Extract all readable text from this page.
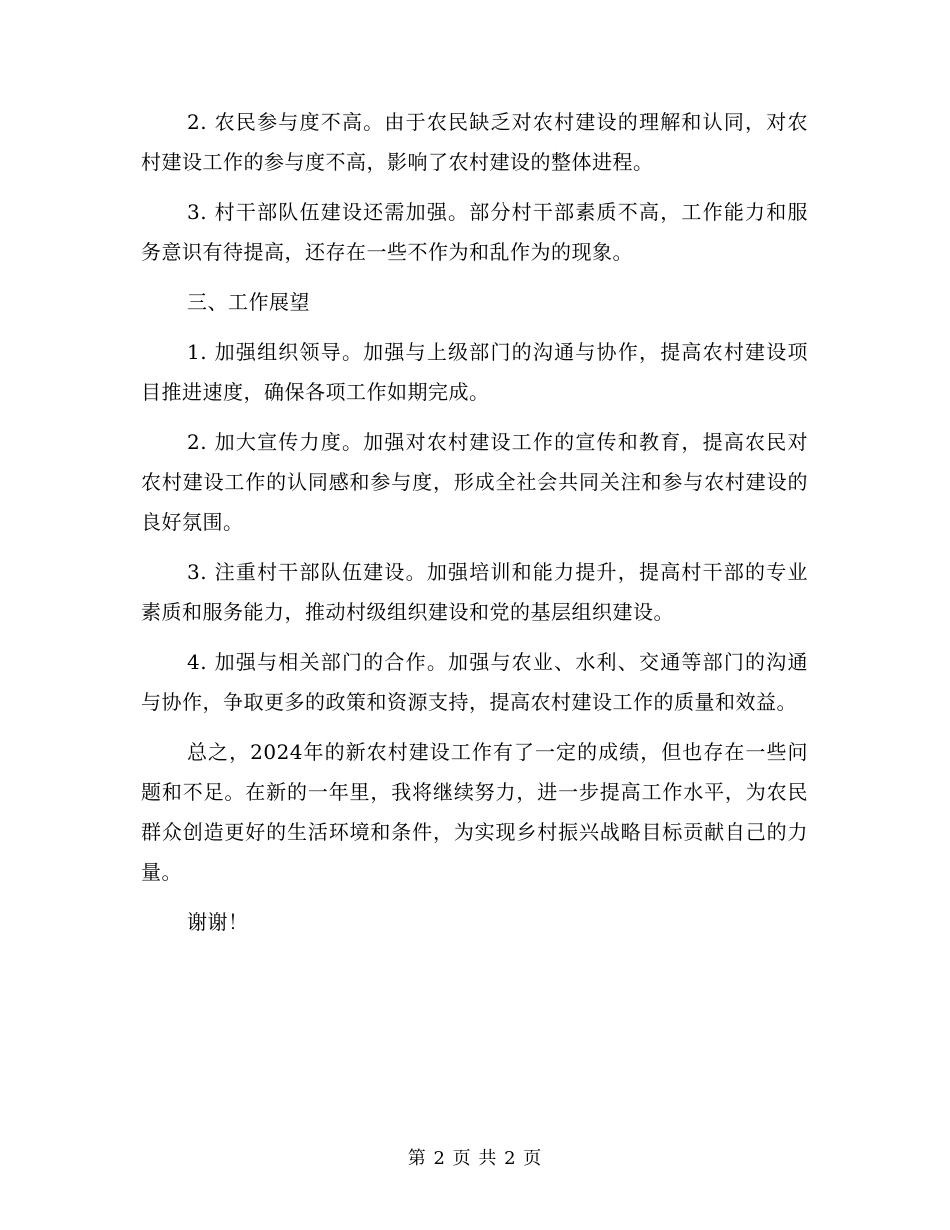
2. 农民参与度不高。由于农民缺乏对农村建设的理解和认同，对农村建设工作的参与度不高，影响了农村建设的整体进程。

3. 村干部队伍建设还需加强。部分村干部素质不高，工作能力和服务意识有待提高，还存在一些不作为和乱作为的现象。

三、工作展望

1. 加强组织领导。加强与上级部门的沟通与协作，提高农村建设项目推进速度，确保各项工作如期完成。

2. 加大宣传力度。加强对农村建设工作的宣传和教育，提高农民对农村建设工作的认同感和参与度，形成全社会共同关注和参与农村建设的良好氛围。

3. 注重村干部队伍建设。加强培训和能力提升，提高村干部的专业素质和服务能力，推动村级组织建设和党的基层组织建设。

4. 加强与相关部门的合作。加强与农业、水利、交通等部门的沟通与协作，争取更多的政策和资源支持，提高农村建设工作的质量和效益。

总之，2024年的新农村建设工作有了一定的成绩，但也存在一些问题和不足。在新的一年里，我将继续努力，进一步提高工作水平，为农民群众创造更好的生活环境和条件，为实现乡村振兴战略目标贡献自己的力量。

谢谢！

第 2 页 共 2 页
